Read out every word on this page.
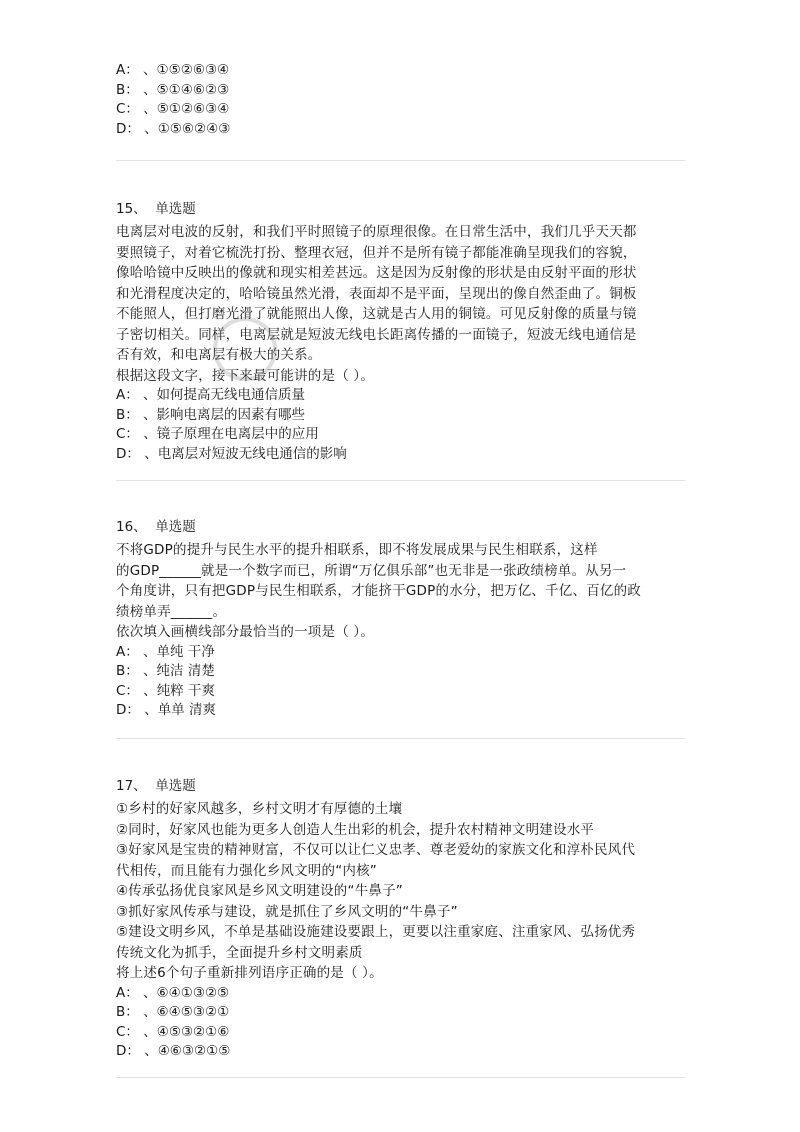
A： 、①⑤②⑥③④
B： 、⑤①④⑥②③
C： 、⑤①②⑥③④
D： 、①⑤⑥②④③
15、 单选题
电离层对电波的反射，和我们平时照镜子的原理很像。在日常生活中，我们几乎天天都
要照镜子，对着它梳洗打扮、整理衣冠，但并不是所有镜子都能准确呈现我们的容貌，
像哈哈镜中反映出的像就和现实相差甚远。这是因为反射像的形状是由反射平面的形状
和光滑程度决定的，哈哈镜虽然光滑，表面却不是平面，呈现出的像自然歪曲了。铜板
不能照人，但打磨光滑了就能照出人像，这就是古人用的铜镜。可见反射像的质量与镜
子密切相关。同样，电离层就是短波无线电长距离传播的一面镜子，短波无线电通信是
否有效，和电离层有极大的关系。
根据这段文字，接下来最可能讲的是（ ）。
A： 、如何提高无线电通信质量
B： 、影响电离层的因素有哪些
C： 、镜子原理在电离层中的应用
D： 、电离层对短波无线电通信的影响
16、 单选题
不将GDP的提升与民生水平的提升相联系，即不将发展成果与民生相联系，这样
的GDP______就是一个数字而已，所谓“万亿俱乐部”也无非是一张政绩榜单。从另一
个角度讲，只有把GDP与民生相联系，才能挤干GDP的水分，把万亿、千亿、百亿的政
绩榜单弄______。
依次填入画横线部分最恰当的一项是（ ）。
A： 、单纯 干净
B： 、纯洁 清楚
C： 、纯粹 干爽
D： 、单单 清爽
17、 单选题
①乡村的好家风越多，乡村文明才有厚德的土壤
②同时，好家风也能为更多人创造人生出彩的机会，提升农村精神文明建设水平
③好家风是宝贵的精神财富，不仅可以让仁义忠孝、尊老爱幼的家族文化和淳朴民风代
代相传，而且能有力强化乡风文明的“内核”
④传承弘扬优良家风是乡风文明建设的“牛鼻子”
③抓好家风传承与建设，就是抓住了乡风文明的“牛鼻子”
⑤建设文明乡风，不单是基础设施建设要跟上，更要以注重家庭、注重家风、弘扬优秀
传统文化为抓手，全面提升乡村文明素质
将上述6个句子重新排列语序正确的是（ ）。
A： 、⑥④①③②⑤
B： 、⑥④⑤③②①
C： 、④⑤③②①⑥
D： 、④⑥③②①⑤
